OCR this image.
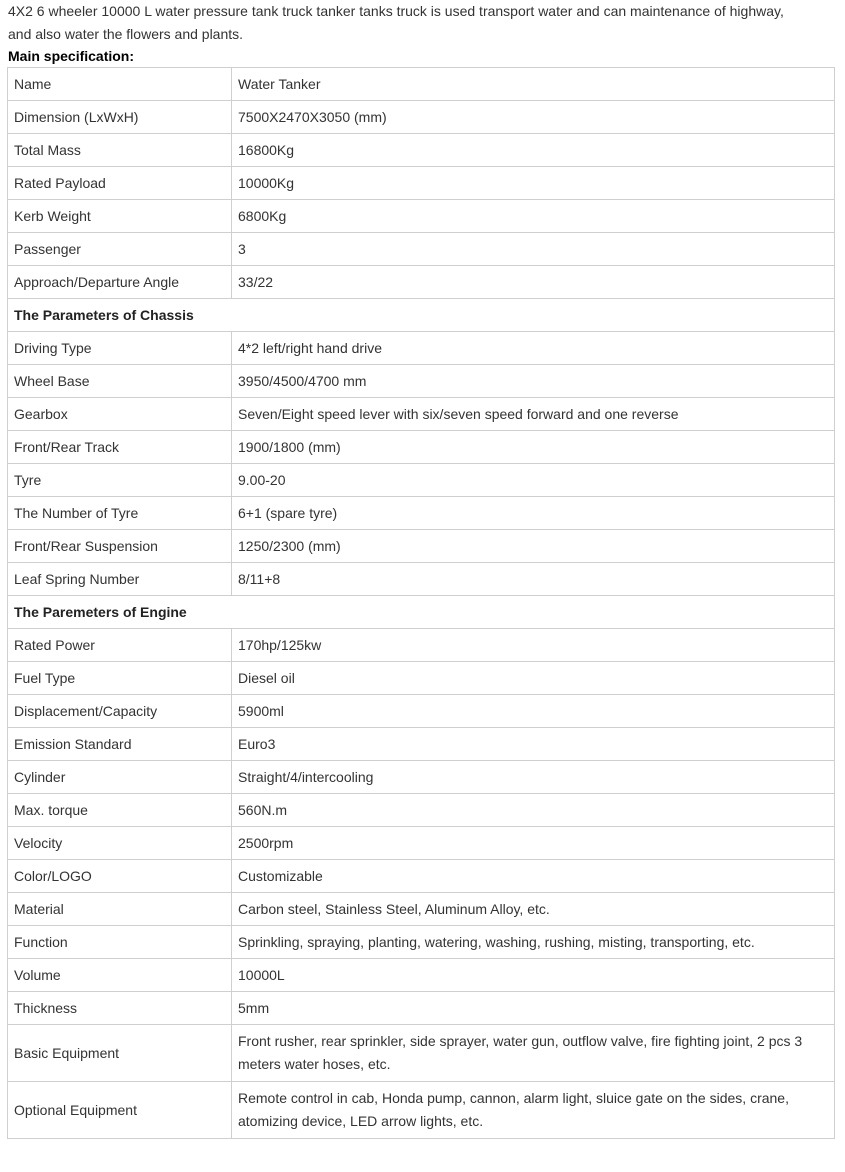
4X2 6 wheeler 10000 L water pressure tank truck tanker tanks truck is used transport water and can maintenance of highway, and also water the flowers and plants.

Main specification:
Name	Water Tanker
Dimension (LxWxH)	7500X2470X3050 (mm)
Total Mass	16800Kg
Rated Payload	10000Kg
Kerb Weight	6800Kg
Passenger	3
Approach/Departure Angle	33/22
The Parameters of Chassis	
Driving Type	4*2 left/right hand drive
Wheel Base	3950/4500/4700 mm
Gearbox	Seven/Eight speed lever with six/seven speed forward and one reverse
Front/Rear Track	1900/1800 (mm)
Tyre	9.00-20
The Number of Tyre	6+1 (spare tyre)
Front/Rear Suspension	1250/2300 (mm)
Leaf Spring Number	8/11+8
The Paremeters of Engine	
Rated Power	170hp/125kw
Fuel Type	Diesel oil
Displacement/Capacity	5900ml
Emission Standard	Euro3
Cylinder	Straight/4/intercooling
Max. torque	560N.m
Velocity	2500rpm
Color/LOGO	Customizable
Material	Carbon steel, Stainless Steel, Aluminum Alloy, etc.
Function	Sprinkling, spraying, planting, watering, washing, rushing, misting, transporting, etc.
Volume	10000L
Thickness	5mm
Basic Equipment	Front rusher, rear sprinkler, side sprayer, water gun, outflow valve, fire fighting joint, 2 pcs 3 meters water hoses, etc.
Optional Equipment	Remote control in cab, Honda pump, cannon, alarm light, sluice gate on the sides, crane, atomizing device, LED arrow lights, etc.
